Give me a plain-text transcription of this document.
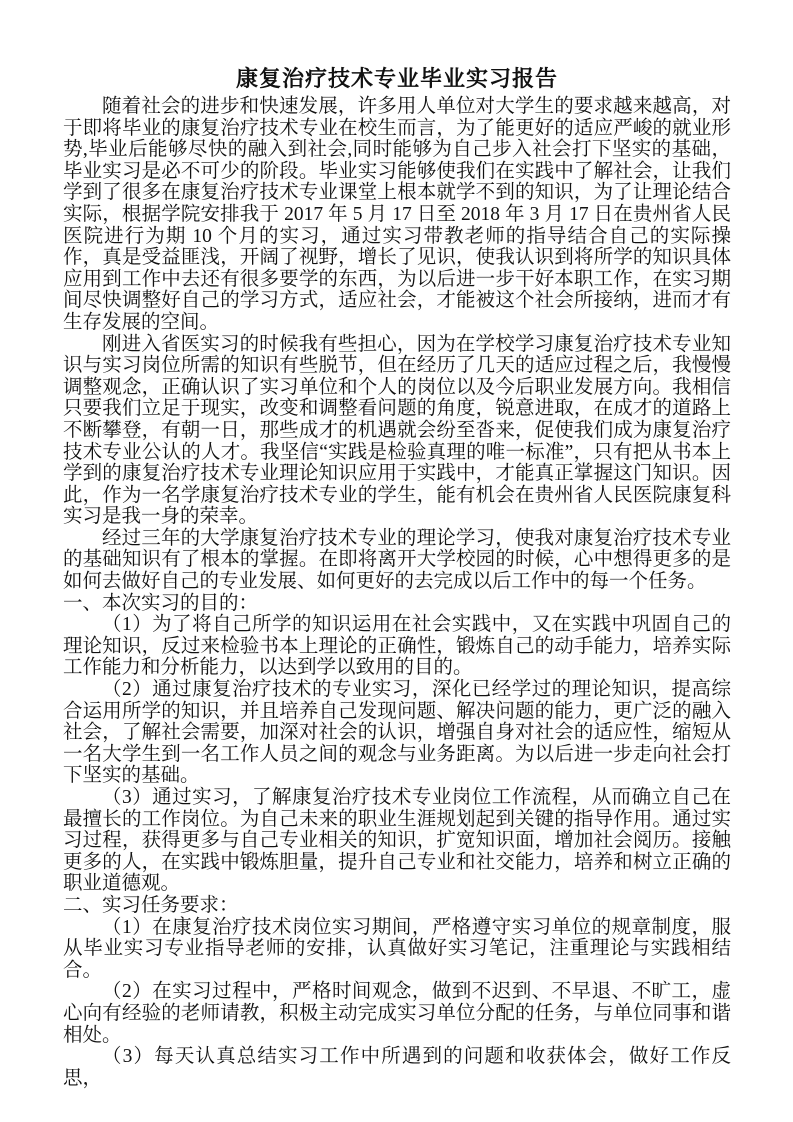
康复治疗技术专业毕业实习报告
随着社会的进步和快速发展，许多用人单位对大学生的要求越来越高，对于即将毕业的康复治疗技术专业在校生而言，为了能更好的适应严峻的就业形势,毕业后能够尽快的融入到社会,同时能够为自己步入社会打下坚实的基础，毕业实习是必不可少的阶段。毕业实习能够使我们在实践中了解社会，让我们学到了很多在康复治疗技术专业课堂上根本就学不到的知识，为了让理论结合实际，根据学院安排我于 2017 年 5 月 17 日至 2018 年 3 月 17 日在贵州省人民医院进行为期 10 个月的实习，通过实习带教老师的指导结合自己的实际操作，真是受益匪浅，开阔了视野，增长了见识，使我认识到将所学的知识具体应用到工作中去还有很多要学的东西，为以后进一步干好本职工作，在实习期间尽快调整好自己的学习方式，适应社会，才能被这个社会所接纳，进而才有生存发展的空间。
刚进入省医实习的时候我有些担心，因为在学校学习康复治疗技术专业知识与实习岗位所需的知识有些脱节，但在经历了几天的适应过程之后，我慢慢调整观念，正确认识了实习单位和个人的岗位以及今后职业发展方向。我相信只要我们立足于现实，改变和调整看问题的角度，锐意进取，在成才的道路上不断攀登，有朝一日，那些成才的机遇就会纷至沓来，促使我们成为康复治疗技术专业公认的人才。我坚信“实践是检验真理的唯一标准”，只有把从书本上学到的康复治疗技术专业理论知识应用于实践中，才能真正掌握这门知识。因此，作为一名学康复治疗技术专业的学生，能有机会在贵州省人民医院康复科实习是我一身的荣幸。
经过三年的大学康复治疗技术专业的理论学习，使我对康复治疗技术专业的基础知识有了根本的掌握。在即将离开大学校园的时候，心中想得更多的是如何去做好自己的专业发展、如何更好的去完成以后工作中的每一个任务。
一、本次实习的目的：
（1）为了将自己所学的知识运用在社会实践中，又在实践中巩固自己的理论知识，反过来检验书本上理论的正确性，锻炼自己的动手能力，培养实际工作能力和分析能力，以达到学以致用的目的。
（2）通过康复治疗技术的专业实习，深化已经学过的理论知识，提高综合运用所学的知识，并且培养自己发现问题、解决问题的能力，更广泛的融入社会，了解社会需要，加深对社会的认识，增强自身对社会的适应性，缩短从一名大学生到一名工作人员之间的观念与业务距离。为以后进一步走向社会打下坚实的基础。
（3）通过实习，了解康复治疗技术专业岗位工作流程，从而确立自己在最擅长的工作岗位。为自己未来的职业生涯规划起到关键的指导作用。通过实习过程，获得更多与自己专业相关的知识，扩宽知识面，增加社会阅历。接触更多的人，在实践中锻炼胆量，提升自己专业和社交能力，培养和树立正确的职业道德观。
二、实习任务要求：
（1）在康复治疗技术岗位实习期间，严格遵守实习单位的规章制度，服从毕业实习专业指导老师的安排，认真做好实习笔记，注重理论与实践相结合。
（2）在实习过程中，严格时间观念，做到不迟到、不早退、不旷工，虚心向有经验的老师请教，积极主动完成实习单位分配的任务，与单位同事和谐相处。
（3）每天认真总结实习工作中所遇到的问题和收获体会，做好工作反思，
